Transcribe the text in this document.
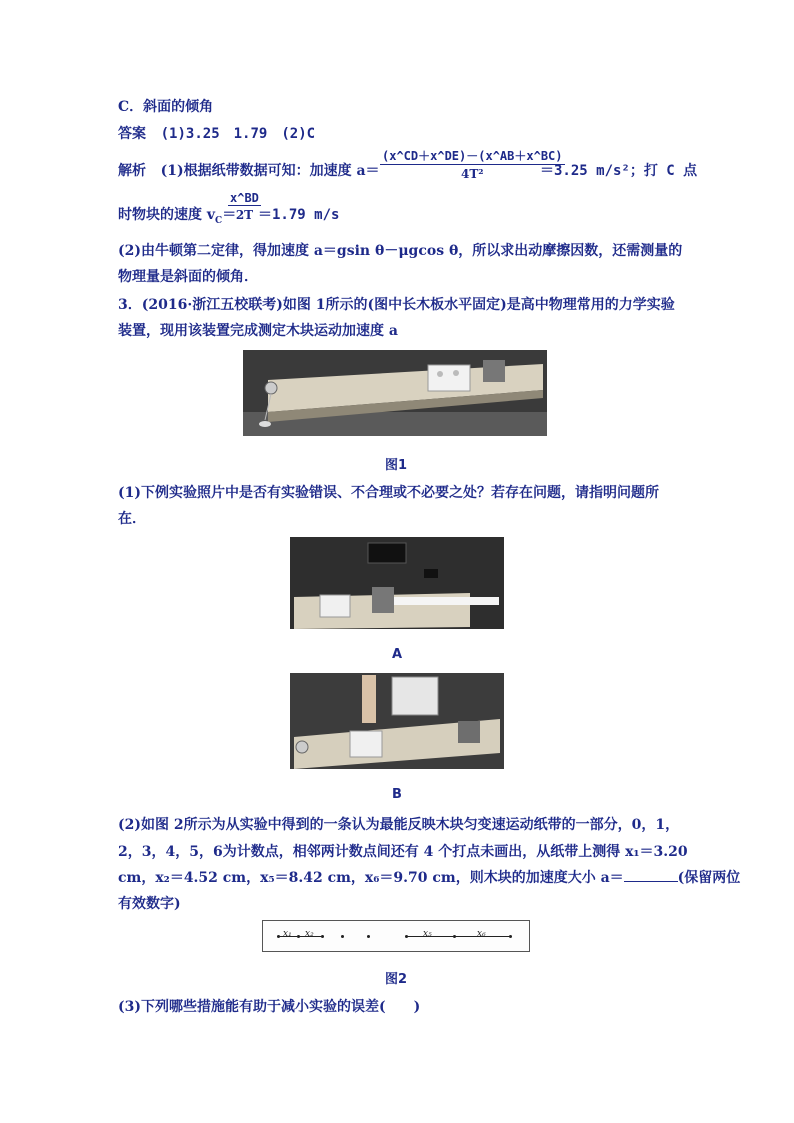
C．斜面的倾角
答案 (1)3.25　1.79　(2)C
解析 (1)根据纸带数据可知：加速度 $a= \frac{(x\^{}CD+x\^{}DE)-(x\^{}AB+x\^{}BC)}{\text{4T²}}$
＝3.25 m/s²；打 C 点
时物块的速度 $v_C=$
$\frac{x\^{}BD}{2T}$
＝1.79 m/s
(2)由牛顿第二定律，得加速度 a＝gsin θ－μgcos θ，所以求出动摩擦因数，还需测量的
物理量是斜面的倾角．
3．(2016·浙江五校联考)如图 1所示的(图中长木板水平固定)是高中物理常用的力学实验
装置，现用该装置完成测定木块运动加速度 a
图1
(1)下例实验照片中是否有实验错误、不合理或不必要之处？若存在问题，请指明问题所
在．
A
B
(2)如图 2所示为从实验中得到的一条认为最能反映木块匀变速运动纸带的一部分，0，1，
2，3，4，5，6为计数点，相邻两计数点间还有 4 个打点未画出，从纸带上测得 x₁＝3.20
cm，x₂＝4.52 cm，x₅＝8.42 cm，x₆＝9.70 cm，则木块的加速度大小 a＝	(保留两位
有效数字)
x₁ x₂	x₅	x₆
图2
(3)下列哪些措施能有助于减小实验的误差(　　)
